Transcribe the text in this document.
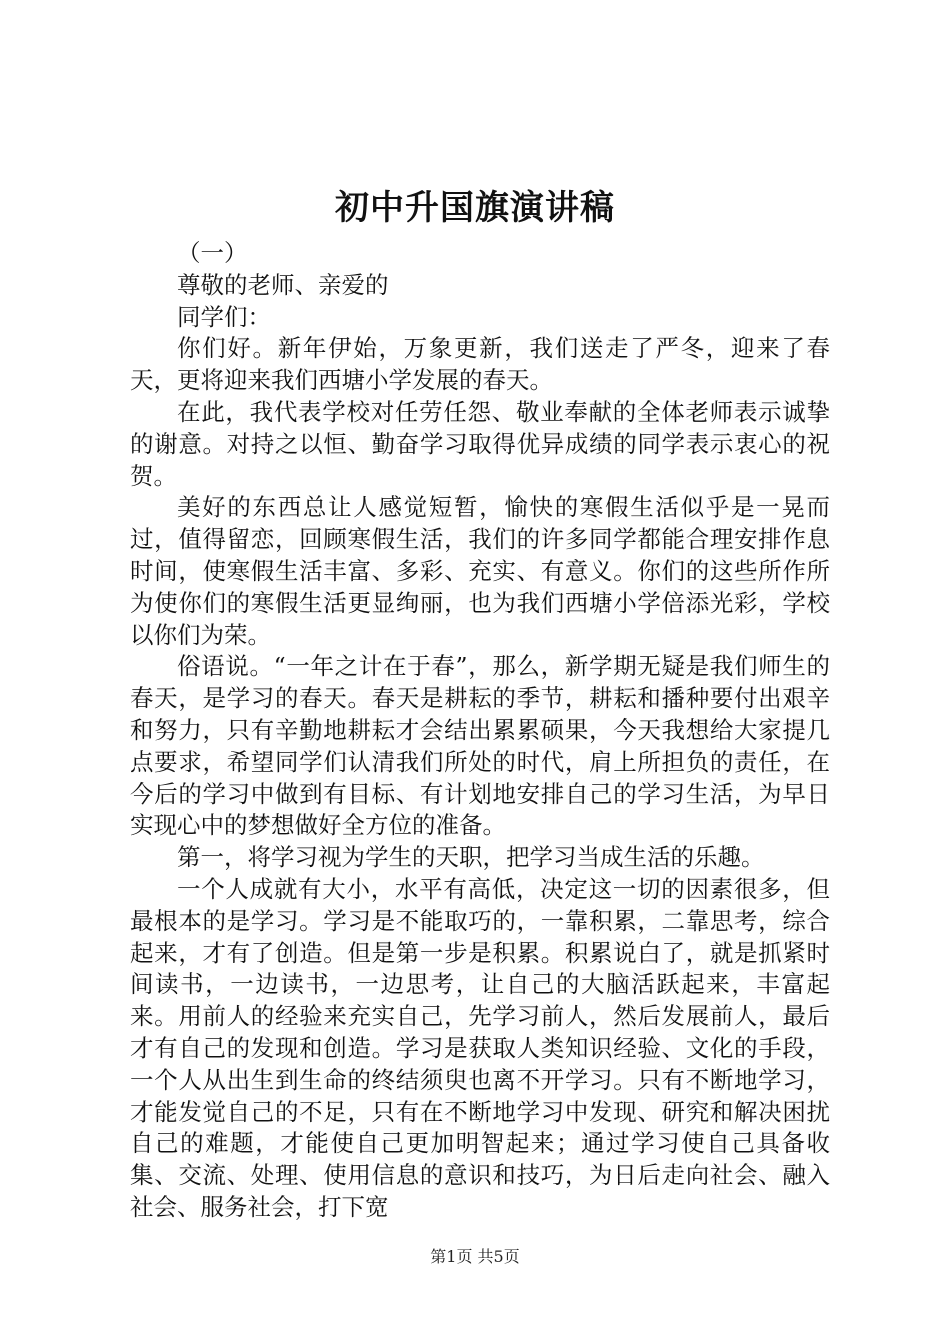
初中升国旗演讲稿

（一）

尊敬的老师、亲爱的

同学们：

你们好。新年伊始，万象更新，我们送走了严冬，迎来了春天，更将迎来我们西塘小学发展的春天。

在此，我代表学校对任劳任怨、敬业奉献的全体老师表示诚挚的谢意。对持之以恒、勤奋学习取得优异成绩的同学表示衷心的祝贺。

美好的东西总让人感觉短暂，愉快的寒假生活似乎是一晃而过，值得留恋，回顾寒假生活，我们的许多同学都能合理安排作息时间，使寒假生活丰富、多彩、充实、有意义。你们的这些所作所为使你们的寒假生活更显绚丽，也为我们西塘小学倍添光彩，学校以你们为荣。

俗语说。“一年之计在于春”，那么，新学期无疑是我们师生的春天，是学习的春天。春天是耕耘的季节，耕耘和播种要付出艰辛和努力，只有辛勤地耕耘才会结出累累硕果，今天我想给大家提几点要求，希望同学们认清我们所处的时代，肩上所担负的责任，在今后的学习中做到有目标、有计划地安排自己的学习生活，为早日实现心中的梦想做好全方位的准备。

第一，将学习视为学生的天职，把学习当成生活的乐趣。

一个人成就有大小，水平有高低，决定这一切的因素很多，但最根本的是学习。学习是不能取巧的，一靠积累，二靠思考，综合起来，才有了创造。但是第一步是积累。积累说白了，就是抓紧时间读书，一边读书，一边思考，让自己的大脑活跃起来，丰富起来。用前人的经验来充实自己，先学习前人，然后发展前人，最后才有自己的发现和创造。学习是获取人类知识经验、文化的手段，一个人从出生到生命的终结须臾也离不开学习。只有不断地学习，才能发觉自己的不足，只有在不断地学习中发现、研究和解决困扰自己的难题，才能使自己更加明智起来；通过学习使自己具备收集、交流、处理、使用信息的意识和技巧，为日后走向社会、融入社会、服务社会，打下宽

第1页 共5页
